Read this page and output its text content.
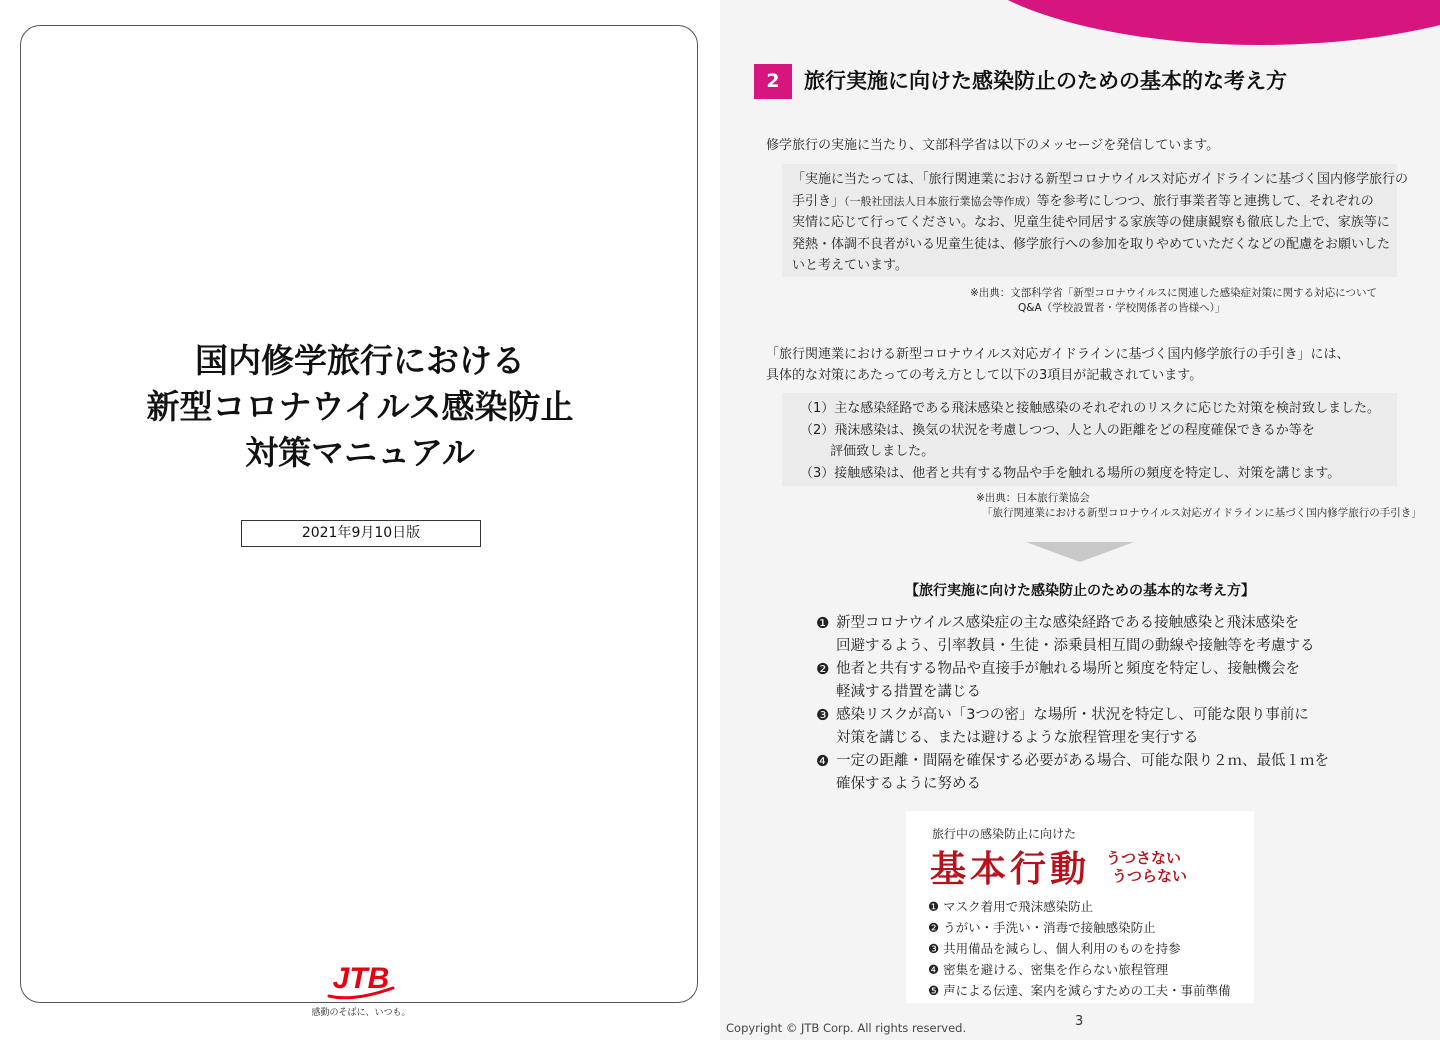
国内修学旅行における
新型コロナウイルス感染防止
対策マニュアル
2021年9月10日版
JTB
感動のそばに、いつも。
2	旅行実施に向けた感染防止のための基本的な考え方
修学旅行の実施に当たり、文部科学省は以下のメッセージを発信しています。
「実施に当たっては、「旅行関連業における新型コロナウイルス対応ガイドラインに基づく国内修学旅行の
手引き」（一般社団法人日本旅行業協会等作成）等を参考にしつつ、旅行事業者等と連携して、それぞれの
実情に応じて行ってください。なお、児童生徒や同居する家族等の健康観察も徹底した上で、家族等に
発熱・体調不良者がいる児童生徒は、修学旅行への参加を取りやめていただくなどの配慮をお願いした
いと考えています。
※出典：文部科学省「新型コロナウイルスに関連した感染症対策に関する対応について
Q&A（学校設置者・学校関係者の皆様へ）」
「旅行関連業における新型コロナウイルス対応ガイドラインに基づく国内修学旅行の手引き」には、
具体的な対策にあたっての考え方として以下の3項目が記載されています。
（1）主な感染経路である飛沫感染と接触感染のそれぞれのリスクに応じた対策を検討致しました。
（2）飛沫感染は、換気の状況を考慮しつつ、人と人の距離をどの程度確保できるか等を
　　 評価致しました。
（3）接触感染は、他者と共有する物品や手を触れる場所の頻度を特定し、対策を講じます。
※出典：日本旅行業協会
「旅行関連業における新型コロナウイルス対応ガイドラインに基づく国内修学旅行の手引き」
【旅行実施に向けた感染防止のための基本的な考え方】
❶ 新型コロナウイルス感染症の主な感染経路である接触感染と飛沫感染を
回避するよう、引率教員・生徒・添乗員相互間の動線や接触等を考慮する
❷ 他者と共有する物品や直接手が触れる場所と頻度を特定し、接触機会を
軽減する措置を講じる
❸ 感染リスクが高い「3つの密」な場所・状況を特定し、可能な限り事前に
対策を講じる、または避けるような旅程管理を実行する
❹ 一定の距離・間隔を確保する必要がある場合、可能な限り２ｍ、最低１ｍを
確保するように努める
旅行中の感染防止に向けた
基本行動 うつさない
うつらない
❶ マスク着用で飛沫感染防止
❷ うがい・手洗い・消毒で接触感染防止
❸ 共用備品を減らし、個人利用のものを持参
❹ 密集を避ける、密集を作らない旅程管理
❺ 声による伝達、案内を減らすための工夫・事前準備
Copyright © JTB Corp. All rights reserved.	3
